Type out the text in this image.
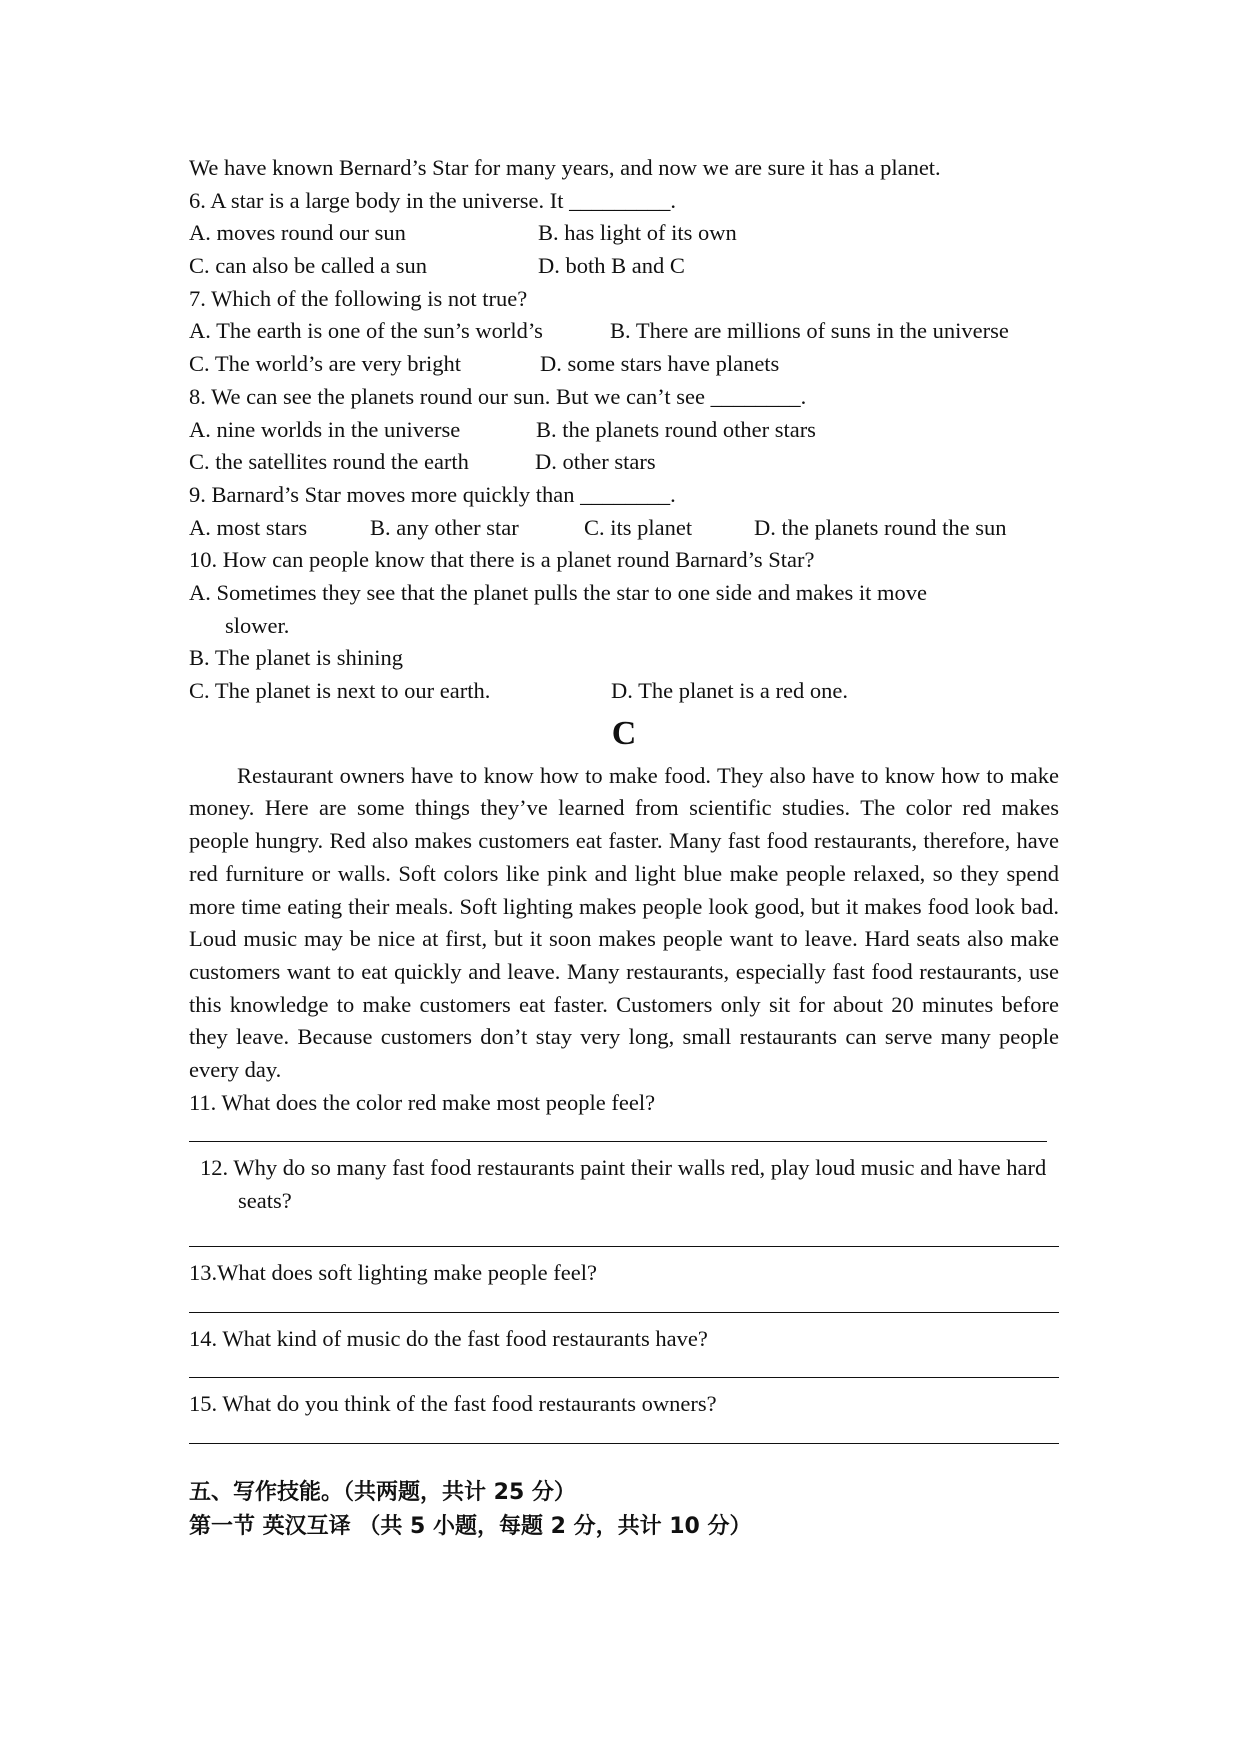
We have known Bernard’s Star for many years, and now we are sure it has a planet.
6. A star is a large body in the universe. It _________.
A. moves round our sun	B. has light of its own
C. can also be called a sun	D. both B and C
7. Which of the following is not true?
A. The earth is one of the sun’s world’s	B. There are millions of suns in the universe
C. The world’s are very bright	D. some stars have planets
8. We can see the planets round our sun. But we can’t see ________.
A. nine worlds in the universe	B. the planets round other stars
C. the satellites round the earth	D. other stars
9. Barnard’s Star moves more quickly than ________.
A. most stars	B. any other star	C. its planet	D. the planets round the sun
10. How can people know that there is a planet round Barnard’s Star?
A. Sometimes they see that the planet pulls the star to one side and makes it move
slower.
B. The planet is shining
C. The planet is next to our earth.	D. The planet is a red one.
C

Restaurant owners have to know how to make food. They also have to know how to make money. Here are some things they’ve learned from scientific studies. The color red makes people hungry. Red also makes customers eat faster. Many fast food restaurants, therefore, have red furniture or walls. Soft colors like pink and light blue make people relaxed, so they spend more time eating their meals. Soft lighting makes people look good, but it makes food look bad. Loud music may be nice at first, but it soon makes people want to leave. Hard seats also make customers want to eat quickly and leave. Many restaurants, especially fast food restaurants, use this knowledge to make customers eat faster. Customers only sit for about 20 minutes before they leave. Because customers don’t stay very long, small restaurants can serve many people every day.

11. What does the color red make most people feel?
12. Why do so many fast food restaurants paint their walls red, play loud music and have hard seats?
13.What does soft lighting make people feel?
14. What kind of music do the fast food restaurants have?
15. What do you think of the fast food restaurants owners?
五、写作技能。（共两题，共计 25 分）
第一节 英汉互译 （共 5 小题，每题 2 分，共计 10 分）
